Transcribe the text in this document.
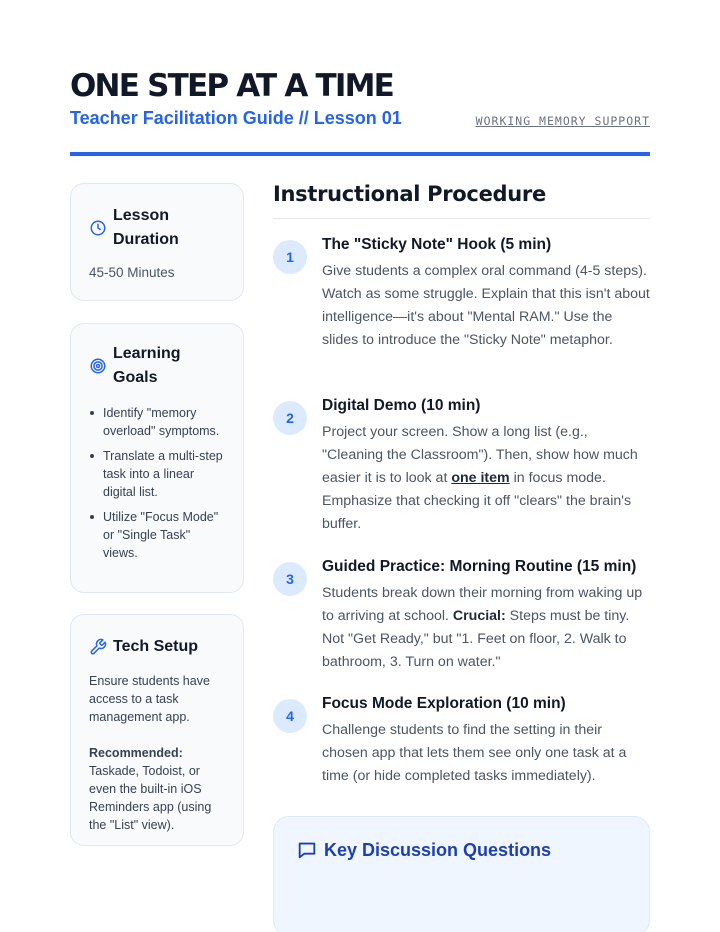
ONE STEP AT A TIME
Teacher Facilitation Guide // Lesson 01	WORKING MEMORY SUPPORT
Lesson
Duration
45-50 Minutes
Learning
Goals
Identify "memory overload" symptoms.
Translate a multi-step task into a linear digital list.
Utilize "Focus Mode" or "Single Task" views.
Tech Setup
Ensure students have access to a task management app.
Recommended:
Taskade, Todoist, or even the built-in iOS Reminders app (using the "List" view).
Instructional Procedure
1
The "Sticky Note" Hook (5 min)
Give students a complex oral command (4-5 steps). Watch as some struggle. Explain that this isn't about intelligence—it's about "Mental RAM." Use the slides to introduce the "Sticky Note" metaphor.
2
Digital Demo (10 min)
Project your screen. Show a long list (e.g., "Cleaning the Classroom"). Then, show how much easier it is to look at one item in focus mode. Emphasize that checking it off "clears" the brain's buffer.
3
Guided Practice: Morning Routine (15 min)
Students break down their morning from waking up to arriving at school. Crucial: Steps must be tiny. Not "Get Ready," but "1. Feet on floor, 2. Walk to bathroom, 3. Turn on water."
4
Focus Mode Exploration (10 min)
Challenge students to find the setting in their chosen app that lets them see only one task at a time (or hide completed tasks immediately).
Key Discussion Questions
